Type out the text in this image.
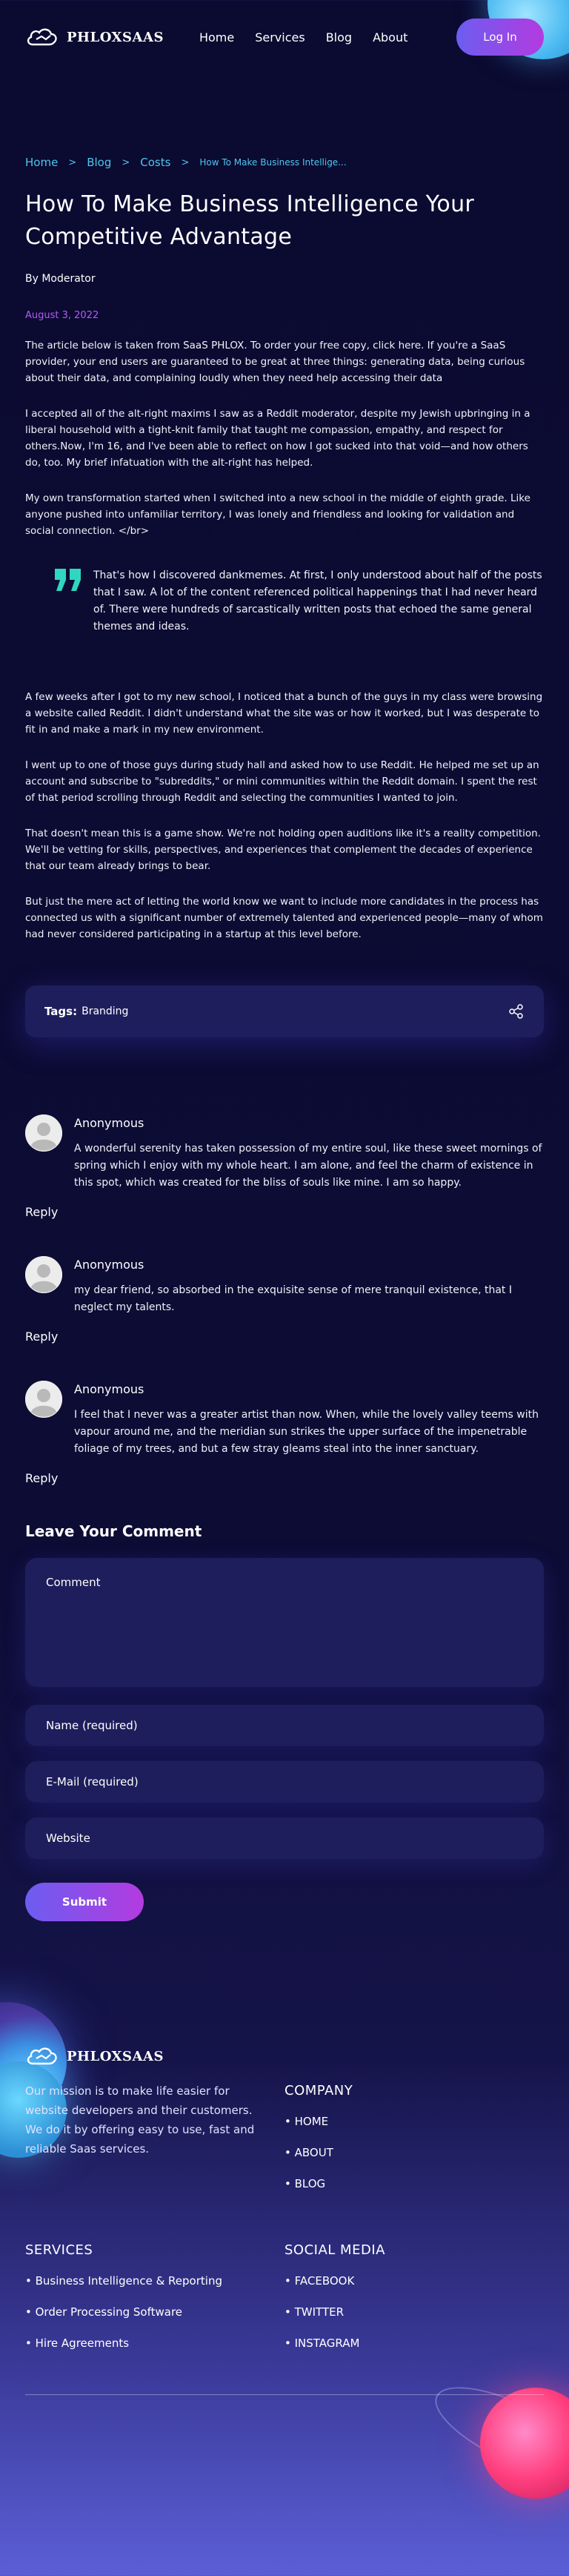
PHLOXSAAS	Home Services Blog About	Log In
Home > Blog > Costs > How To Make Business Intellige...
How To Make Business Intelligence Your Competitive Advantage
By Moderator
August 3, 2022

The article below is taken from SaaS PHLOX. To order your free copy, click here. If you're a SaaS provider, your end users are guaranteed to be great at three things: generating data, being curious about their data, and complaining loudly when they need help accessing their data

I accepted all of the alt-right maxims I saw as a Reddit moderator, despite my Jewish upbringing in a liberal household with a tight-knit family that taught me compassion, empathy, and respect for others.Now, I'm 16, and I've been able to reflect on how I got sucked into that void—and how others do, too. My brief infatuation with the alt-right has helped.

My own transformation started when I switched into a new school in the middle of eighth grade. Like anyone pushed into unfamiliar territory, I was lonely and friendless and looking for validation and social connection. </br>

That's how I discovered dankmemes. At first, I only understood about half of the posts that I saw. A lot of the content referenced political happenings that I had never heard of. There were hundreds of sarcastically written posts that echoed the same general themes and ideas.

A few weeks after I got to my new school, I noticed that a bunch of the guys in my class were browsing a website called Reddit. I didn't understand what the site was or how it worked, but I was desperate to fit in and make a mark in my new environment.

I went up to one of those guys during study hall and asked how to use Reddit. He helped me set up an account and subscribe to "subreddits," or mini communities within the Reddit domain. I spent the rest of that period scrolling through Reddit and selecting the communities I wanted to join.

That doesn't mean this is a game show. We're not holding open auditions like it's a reality competition. We'll be vetting for skills, perspectives, and experiences that complement the decades of experience that our team already brings to bear.

But just the mere act of letting the world know we want to include more candidates in the process has connected us with a significant number of extremely talented and experienced people—many of whom had never considered participating in a startup at this level before.

Tags: Branding
Anonymous
A wonderful serenity has taken possession of my entire soul, like these sweet mornings of spring which I enjoy with my whole heart. I am alone, and feel the charm of existence in this spot, which was created for the bliss of souls like mine. I am so happy.
Reply
Anonymous
my dear friend, so absorbed in the exquisite sense of mere tranquil existence, that I neglect my talents.
Reply
Anonymous
I feel that I never was a greater artist than now. When, while the lovely valley teems with vapour around me, and the meridian sun strikes the upper surface of the impenetrable foliage of my trees, and but a few stray gleams steal into the inner sanctuary.
Reply
Leave Your Comment
Comment Name (required) E-Mail (required) Website Submit
PHLOXSAAS
Our mission is to make life easier for website developers and their customers. We do it by offering easy to use, fast and reliable Saas services.
COMPANY
• HOME
• ABOUT
• BLOG
SERVICES
• Business Intelligence & Reporting
• Order Processing Software
• Hire Agreements
SOCIAL MEDIA
• FACEBOOK
• TWITTER
• INSTAGRAM
